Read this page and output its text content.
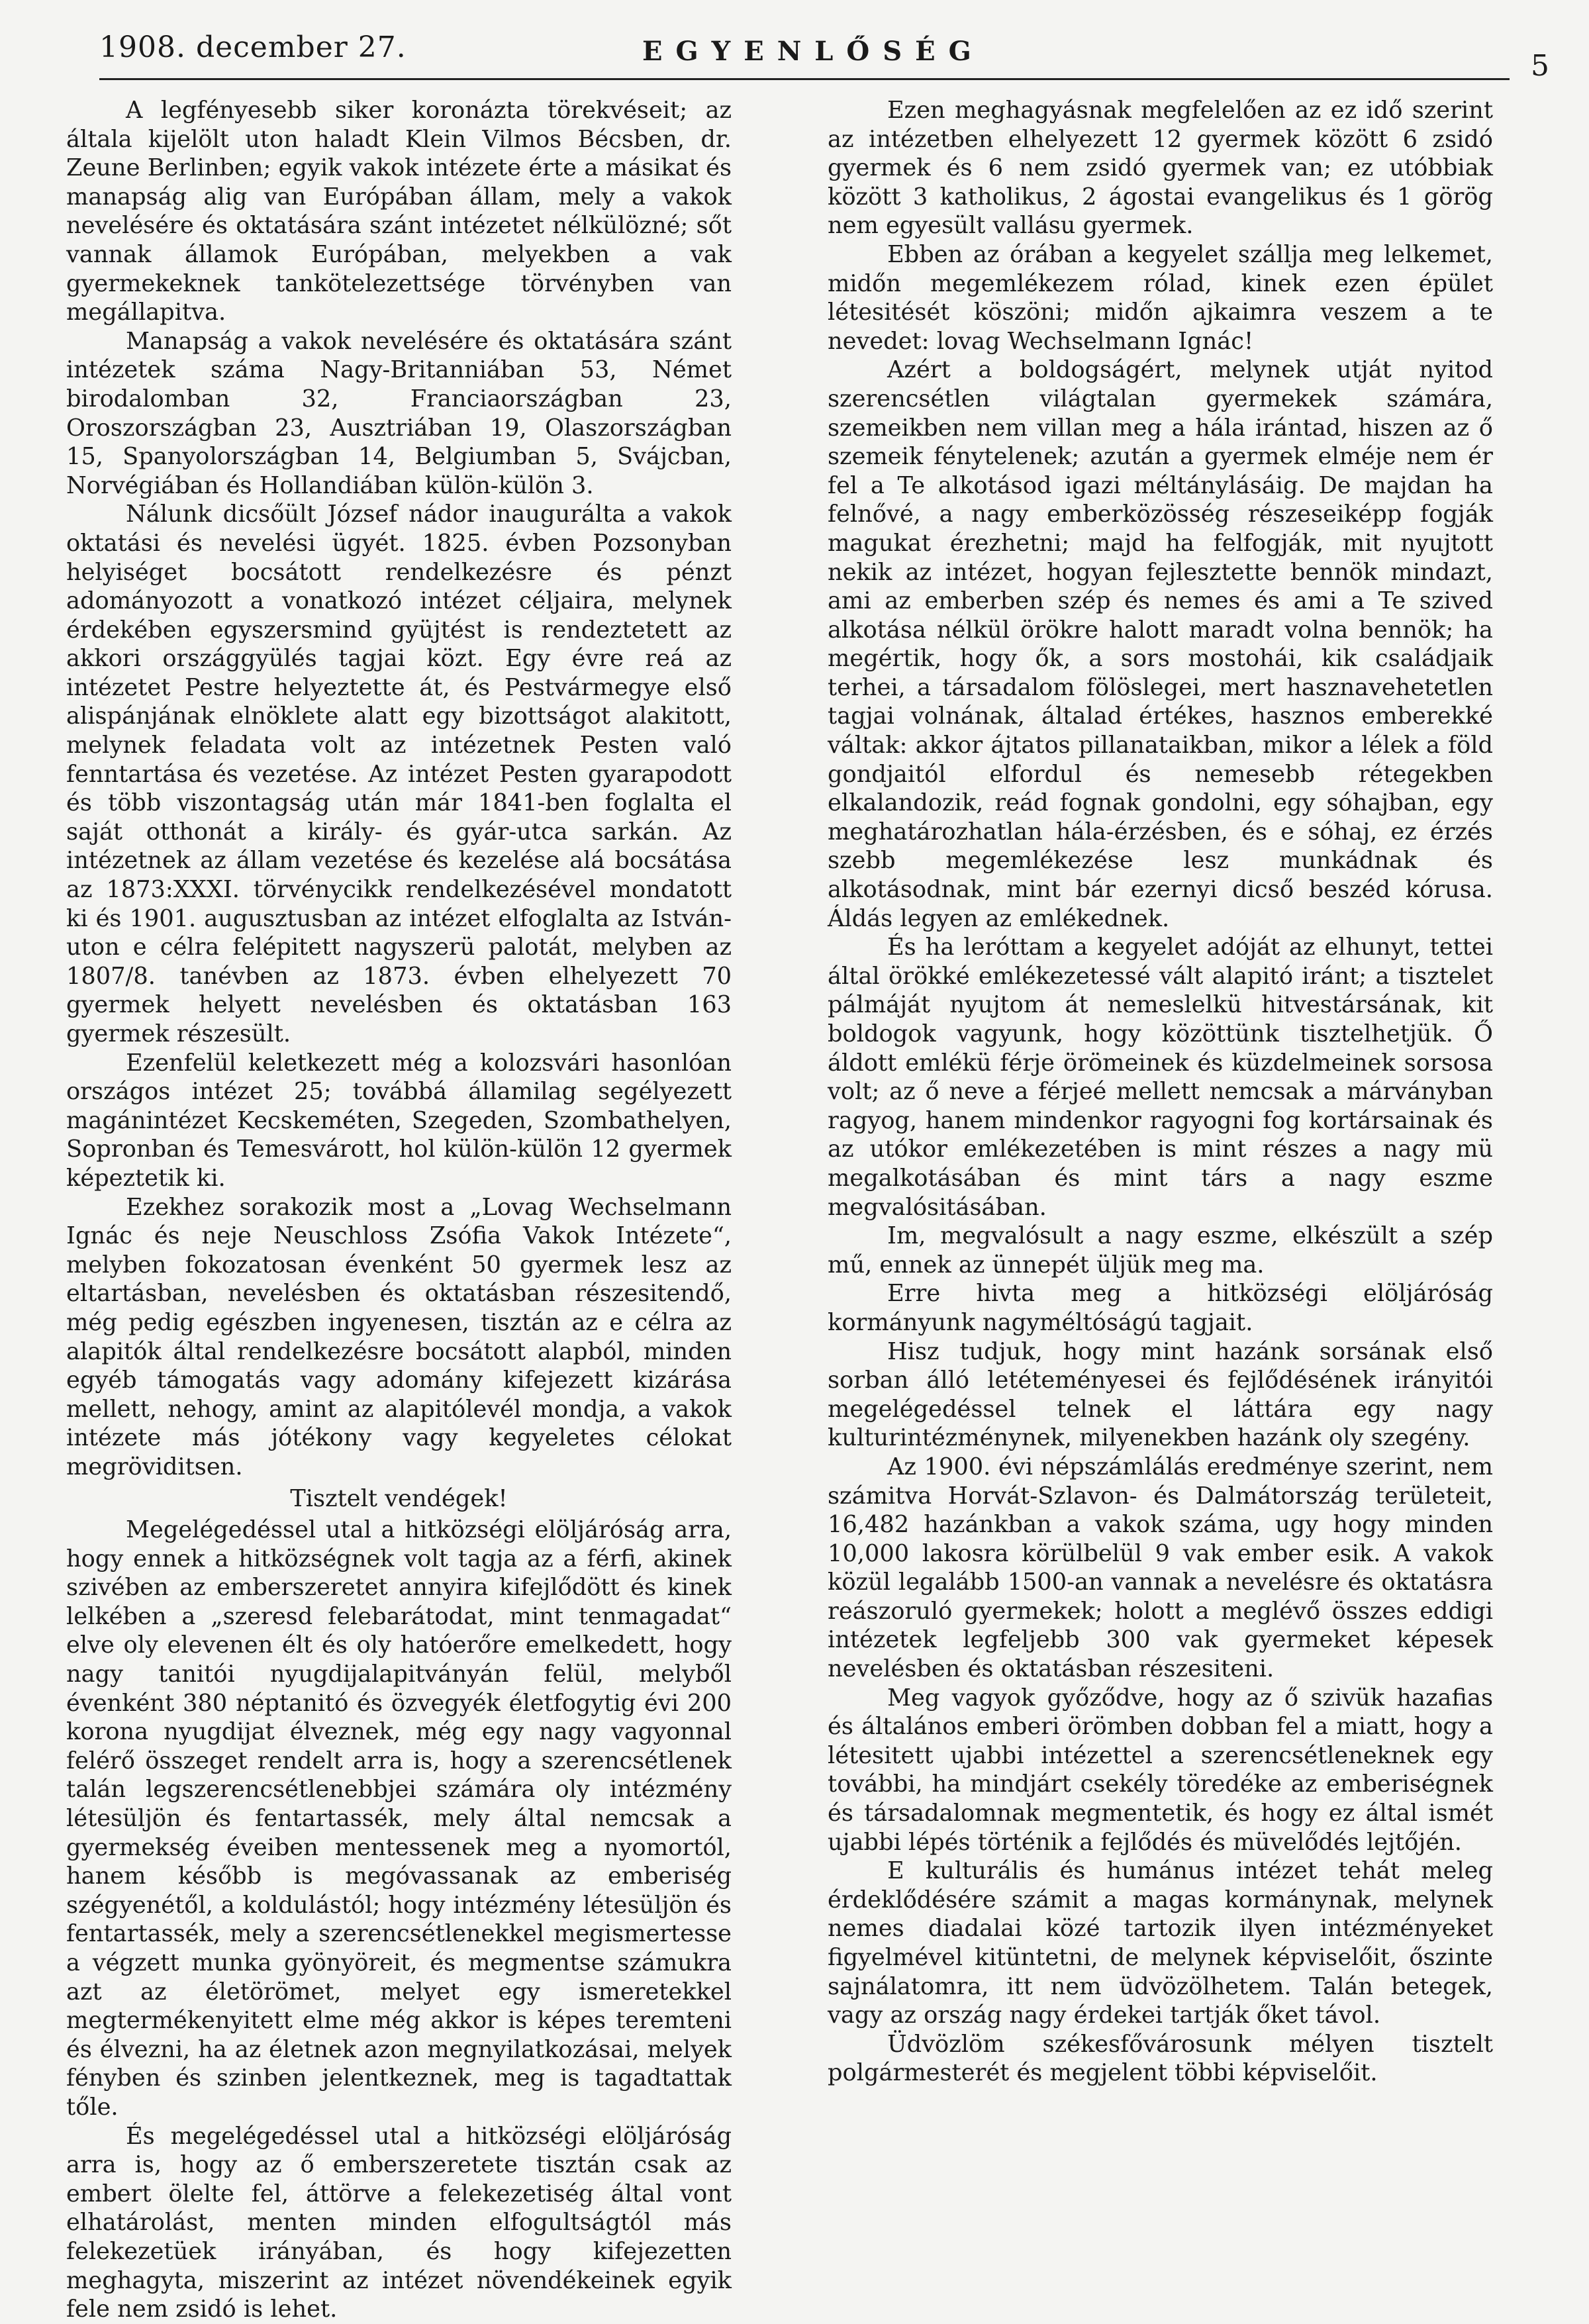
1908. december 27.	EGYENLŐSÉG	5

A legfényesebb siker koronázta törekvéseit; az általa kijelölt uton haladt Klein Vilmos Bécsben, dr. Zeune Berlinben; egyik vakok intézete érte a másikat és manapság alig van Európában állam, mely a vakok nevelésére és oktatására szánt intézetet nélkülözné; sőt vannak államok Európában, melyekben a vak gyermekeknek tankötelezettsége törvényben van megállapitva.

Manapság a vakok nevelésére és oktatására szánt intézetek száma Nagy-Britanniában 53, Német birodalomban 32, Franciaországban 23, Oroszországban 23, Ausztriában 19, Olaszországban 15, Spanyolországban 14, Belgiumban 5, Svájcban, Norvégiában és Hollandiában külön-külön 3.

Nálunk dicsőült József nádor inaugurálta a vakok oktatási és nevelési ügyét. 1825. évben Pozsonyban helyiséget bocsátott rendelkezésre és pénzt adományozott a vonatkozó intézet céljaira, melynek érdekében egyszersmind gyüjtést is rendeztetett az akkori országgyülés tagjai közt. Egy évre reá az intézetet Pestre helyeztette át, és Pestvármegye első alispánjának elnöklete alatt egy bizottságot alakitott, melynek feladata volt az intézetnek Pesten való fenntartása és vezetése. Az intézet Pesten gyarapodott és több viszontagság után már 1841-ben foglalta el saját otthonát a király- és gyár-utca sarkán. Az intézetnek az állam vezetése és kezelése alá bocsátása az 1873:XXXI. törvénycikk rendelkezésével mondatott ki és 1901. augusztusban az intézet elfoglalta az István-uton e célra felépitett nagyszerü palotát, melyben az 1807/8. tanévben az 1873. évben elhelyezett 70 gyermek helyett nevelésben és oktatásban 163 gyermek részesült.

Ezenfelül keletkezett még a kolozsvári hasonlóan országos intézet 25; továbbá államilag segélyezett magánintézet Kecskeméten, Szegeden, Szombathelyen, Sopronban és Temesvárott, hol külön-külön 12 gyermek képeztetik ki.

Ezekhez sorakozik most a „Lovag Wechselmann Ignác és neje Neuschloss Zsófia Vakok Intézete“, melyben fokozatosan évenként 50 gyermek lesz az eltartásban, nevelésben és oktatásban részesitendő, még pedig egészben ingyenesen, tisztán az e célra az alapitók által rendelkezésre bocsátott alapból, minden egyéb támogatás vagy adomány kifejezett kizárása mellett, nehogy, amint az alapitólevél mondja, a vakok intézete más jótékony vagy kegyeletes célokat megröviditsen.

Tisztelt vendégek!

Megelégedéssel utal a hitközségi elöljáróság arra, hogy ennek a hitközségnek volt tagja az a férfi, akinek szivében az emberszeretet annyira kifejlődött és kinek lelkében a „szeresd felebarátodat, mint tenmagadat“ elve oly elevenen élt és oly hatóerőre emelkedett, hogy nagy tanitói nyugdijalapitványán felül, melyből évenként 380 néptanitó és özvegyék életfogytig évi 200 korona nyugdijat élveznek, még egy nagy vagyonnal felérő összeget rendelt arra is, hogy a szerencsétlenek talán legszerencsétlenebbjei számára oly intézmény létesüljön és fentartassék, mely által nemcsak a gyermekség éveiben mentessenek meg a nyomortól, hanem később is megóvassanak az emberiség szégyenétől, a koldulástól; hogy intézmény létesüljön és fentartassék, mely a szerencsétlenekkel megismertesse a végzett munka gyönyöreit, és megmentse számukra azt az életörömet, melyet egy ismeretekkel megtermékenyitett elme még akkor is képes teremteni és élvezni, ha az életnek azon megnyilatkozásai, melyek fényben és szinben jelentkeznek, meg is tagadtattak tőle.

És megelégedéssel utal a hitközségi elöljáróság arra is, hogy az ő emberszeretete tisztán csak az embert ölelte fel, áttörve a felekezetiség által vont elhatárolást, menten minden elfogultságtól más felekezetüek irányában, és hogy kifejezetten meghagyta, miszerint az intézet növendékeinek egyik fele nem zsidó is lehet.

Ezen meghagyásnak megfelelően az ez idő szerint az intézetben elhelyezett 12 gyermek között 6 zsidó gyermek és 6 nem zsidó gyermek van; ez utóbbiak között 3 katholikus, 2 ágostai evangelikus és 1 görög nem egyesült vallásu gyermek.

Ebben az órában a kegyelet szállja meg lelkemet, midőn megemlékezem rólad, kinek ezen épület létesitését köszöni; midőn ajkaimra veszem a te nevedet: lovag Wechselmann Ignác!

Azért a boldogságért, melynek utját nyitod szerencsétlen világtalan gyermekek számára, szemeikben nem villan meg a hála irántad, hiszen az ő szemeik fénytelenek; azután a gyermek elméje nem ér fel a Te alkotásod igazi méltánylásáig. De majdan ha felnővé, a nagy emberközösség részeseiképp fogják magukat érezhetni; majd ha felfogják, mit nyujtott nekik az intézet, hogyan fejlesztette bennök mindazt, ami az emberben szép és nemes és ami a Te szived alkotása nélkül örökre halott maradt volna bennök; ha megértik, hogy ők, a sors mostohái, kik családjaik terhei, a társadalom fölöslegei, mert hasznavehetetlen tagjai volnának, általad értékes, hasznos emberekké váltak: akkor ájtatos pillanataikban, mikor a lélek a föld gondjaitól elfordul és nemesebb rétegekben elkalandozik, reád fognak gondolni, egy sóhajban, egy meghatározhatlan hála-érzésben, és e sóhaj, ez érzés szebb megemlékezése lesz munkádnak és alkotásodnak, mint bár ezernyi dicső beszéd kórusa. Áldás legyen az emlékednek.

És ha leróttam a kegyelet adóját az elhunyt, tettei által örökké emlékezetessé vált alapitó iránt; a tisztelet pálmáját nyujtom át nemeslelkü hitvestársának, kit boldogok vagyunk, hogy közöttünk tisztelhetjük. Ő áldott emlékü férje örömeinek és küzdelmeinek sorsosa volt; az ő neve a férjeé mellett nemcsak a márványban ragyog, hanem mindenkor ragyogni fog kortársainak és az utókor emlékezetében is mint részes a nagy mü megalkotásában és mint társ a nagy eszme megvalósitásában.

Im, megvalósult a nagy eszme, elkészült a szép mű, ennek az ünnepét üljük meg ma.

Erre hivta meg a hitközségi elöljáróság kormányunk nagyméltóságú tagjait.

Hisz tudjuk, hogy mint hazánk sorsának első sorban álló letéteményesei és fejlődésének irányitói megelégedéssel telnek el láttára egy nagy kulturintézménynek, milyenekben hazánk oly szegény.

Az 1900. évi népszámlálás eredménye szerint, nem számitva Horvát-Szlavon- és Dalmátország területeit, 16,482 hazánkban a vakok száma, ugy hogy minden 10,000 lakosra körülbelül 9 vak ember esik. A vakok közül legalább 1500-an vannak a nevelésre és oktatásra reászoruló gyermekek; holott a meglévő összes eddigi intézetek legfeljebb 300 vak gyermeket képesek nevelésben és oktatásban részesiteni.

Meg vagyok győződve, hogy az ő szivük hazafias és általános emberi örömben dobban fel a miatt, hogy a létesitett ujabbi intézettel a szerencsétleneknek egy további, ha mindjárt csekély töredéke az emberiségnek és társadalomnak megmentetik, és hogy ez által ismét ujabbi lépés történik a fejlődés és müvelődés lejtőjén.

E kulturális és humánus intézet tehát meleg érdeklődésére számit a magas kormánynak, melynek nemes diadalai közé tartozik ilyen intézményeket figyelmével kitüntetni, de melynek képviselőit, őszinte sajnálatomra, itt nem üdvözölhetem. Talán betegek, vagy az ország nagy érdekei tartják őket távol.

Üdvözlöm székesfővárosunk mélyen tisztelt polgármesterét és megjelent többi képviselőit.
